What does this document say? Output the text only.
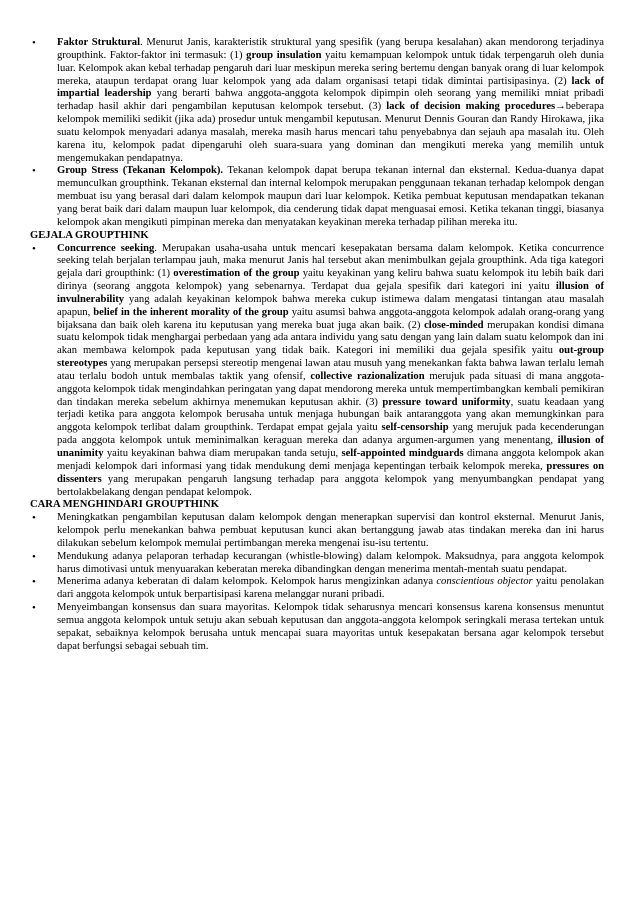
• Faktor Struktural. Menurut Janis, karakteristik struktural yang spesifik (yang berupa kesalahan) akan mendorong terjadinya groupthink. Faktor-faktor ini termasuk: (1) group insulation yaitu kemampuan kelompok untuk tidak terpengaruh oleh dunia luar. Kelompok akan kebal terhadap pengaruh dari luar meskipun mereka sering bertemu dengan banyak orang di luar kelompok mereka, ataupun terdapat orang luar kelompok yang ada dalam organisasi tetapi tidak dimintai partisipasinya. (2) lack of impartial leadership yang berarti bahwa anggota-anggota kelompok dipimpin oleh seorang yang memiliki mniat pribadi terhadap hasil akhir dari pengambilan keputusan kelompok tersebut. (3) lack of decision making procedures→beberapa kelompok memiliki sedikit (jika ada) prosedur untuk mengambil keputusan. Menurut Dennis Gouran dan Randy Hirokawa, jika suatu kelompok menyadari adanya masalah, mereka masih harus mencari tahu penyebabnya dan sejauh apa masalah itu. Oleh karena itu, kelompok padat dipengaruhi oleh suara-suara yang dominan dan mengikuti mereka yang memilih untuk mengemukakan pendapatnya.
• Group Stress (Tekanan Kelompok). Tekanan kelompok dapat berupa tekanan internal dan eksternal. Kedua-duanya dapat memunculkan groupthink. Tekanan eksternal dan internal kelompok merupakan penggunaan tekanan terhadap kelompok dengan membuat isu yang berasal dari dalam kelompok maupun dari luar kelompok. Ketika pembuat keputusan mendapatkan tekanan yang berat baik dari dalam maupun luar kelompok, dia cenderung tidak dapat menguasai emosi. Ketika tekanan tinggi, biasanya kelompok akan mengikuti pimpinan mereka dan menyatakan keyakinan mereka terhadap pilihan mereka itu.
GEJALA GROUPTHINK
• Concurrence seeking. Merupakan usaha-usaha untuk mencari kesepakatan bersama dalam kelompok. Ketika concurrence seeking telah berjalan terlampau jauh, maka menurut Janis hal tersebut akan menimbulkan gejala groupthink. Ada tiga kategori gejala dari groupthink: (1) overestimation of the group yaitu keyakinan yang keliru bahwa suatu kelompok itu lebih baik dari dirinya (seorang anggota kelompok) yang sebenarnya. Terdapat dua gejala spesifik dari kategori ini yaitu illusion of invulnerability yang adalah keyakinan kelompok bahwa mereka cukup istimewa dalam mengatasi tintangan atau masalah apapun, belief in the inherent morality of the group yaitu asumsi bahwa anggota-anggota kelompok adalah orang-orang yang bijaksana dan baik oleh karena itu keputusan yang mereka buat juga akan baik. (2) close-minded merupakan kondisi dimana suatu kelompok tidak menghargai perbedaan yang ada antara individu yang satu dengan yang lain dalam suatu kelompok dan ini akan membawa kelompok pada keputusan yang tidak baik. Kategori ini memiliki dua gejala spesifik yaitu out-group stereotypes yang merupakan persepsi stereotip mengenai lawan atau musuh yang menekankan fakta bahwa lawan terlalu lemah atau terlalu bodoh untuk membalas taktik yang ofensif, collective razionalization merujuk pada situasi di mana anggota-anggota kelompok tidak mengindahkan peringatan yang dapat mendorong mereka untuk mempertimbangkan kembali pemikiran dan tindakan mereka sebelum akhirnya menemukan keputusan akhir. (3) pressure toward uniformity, suatu keadaan yang terjadi ketika para anggota kelompok berusaha untuk menjaga hubungan baik antaranggota yang akan memungkinkan para anggota kelompok terlibat dalam groupthink. Terdapat empat gejala yaitu self-censorship yang merujuk pada kecenderungan pada anggota kelompok untuk meminimalkan keraguan mereka dan adanya argumen-argumen yang menentang, illusion of unanimity yaitu keyakinan bahwa diam merupakan tanda setuju, self-appointed mindguards dimana anggota kelompok akan menjadi kelompok dari informasi yang tidak mendukung demi menjaga kepentingan terbaik kelompok mereka, pressures on dissenters yang merupakan pengaruh langsung terhadap para anggota kelompok yang menyumbangkan pendapat yang bertolakbelakang dengan pendapat kelompok.
CARA MENGHINDARI GROUPTHINK
• Meningkatkan pengambilan keputusan dalam kelompok dengan menerapkan supervisi dan kontrol eksternal. Menurut Janis, kelompok perlu menekankan bahwa pembuat keputusan kunci akan bertanggung jawab atas tindakan mereka dan ini harus dilakukan sebelum kelompok memulai pertimbangan mereka mengenai isu-isu tertentu.
• Mendukung adanya pelaporan terhadap kecurangan (whistle-blowing) dalam kelompok. Maksudnya, para anggota kelompok harus dimotivasi untuk menyuarakan keberatan mereka dibandingkan dengan menerima mentah-mentah suatu pendapat.
• Menerima adanya keberatan di dalam kelompok. Kelompok harus mengizinkan adanya conscientious objector yaitu penolakan dari anggota kelompok untuk berpartisipasi karena melanggar nurani pribadi.
• Menyeimbangan konsensus dan suara mayoritas. Kelompok tidak seharusnya mencari konsensus karena konsensus menuntut semua anggota kelompok untuk setuju akan sebuah keputusan dan anggota-anggota kelompok seringkali merasa tertekan untuk sepakat, sebaiknya kelompok berusaha untuk mencapai suara mayoritas untuk kesepakatan bersana agar kelompok tersebut dapat berfungsi sebagai sebuah tim.
